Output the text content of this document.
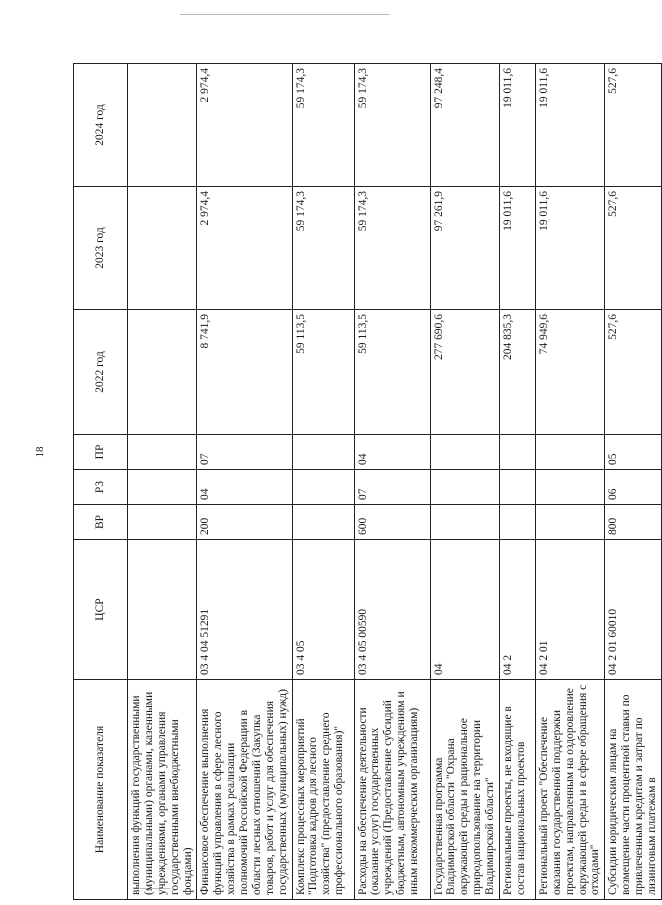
18
Наименование показателя	ЦСР	ВР	РЗ	ПР	2022 год	2023 год	2024 год
выполнения функций государственными (муниципальными) органами, казенными учреждениями, органами управления государственными внебюджетными фондами)							
Финансовое обеспечение выполнения функций управления в сфере лесного хозяйства в рамках реализации полномочий Российской Федерации в области лесных отношений (Закупка товаров, работ и услуг для обеспечения государственных (муниципальных) нужд)	03 4 04 51291	200	04	07	8 741,9	2 974,4	2 974,4
Комплекс процессных мероприятий "Подготовка кадров для лесного хозяйства" (предоставление среднего профессионального образования)"	03 4 05				59 113,5	59 174,3	59 174,3
Расходы на обеспечение деятельности (оказание услуг) государственных учреждений (Предоставление субсидий бюджетным, автономным учреждениям и иным некоммерческим организациям)	03 4 05 00590	600	07	04	59 113,5	59 174,3	59 174,3
Государственная программа Владимирской области "Охрана окружающей среды и рациональное природопользование на территории Владимирской области"	04				277 690,6	97 261,9	97 248,4
Региональные проекты, не входящие в состав национальных проектов	04 2				204 835,3	19 011,6	19 011,6
Региональный проект "Обеспечение оказания государственной поддержки проектам, направленным на оздоровление окружающей среды и в сфере обращения с отходами"	04 2 01				74 949,6	19 011,6	19 011,6
Субсидии юридическим лицам на возмещение части процентной ставки по привлеченным кредитам и затрат по лизинговым платежам в	04 2 01 60010	800	06	05	527,6	527,6	527,6
